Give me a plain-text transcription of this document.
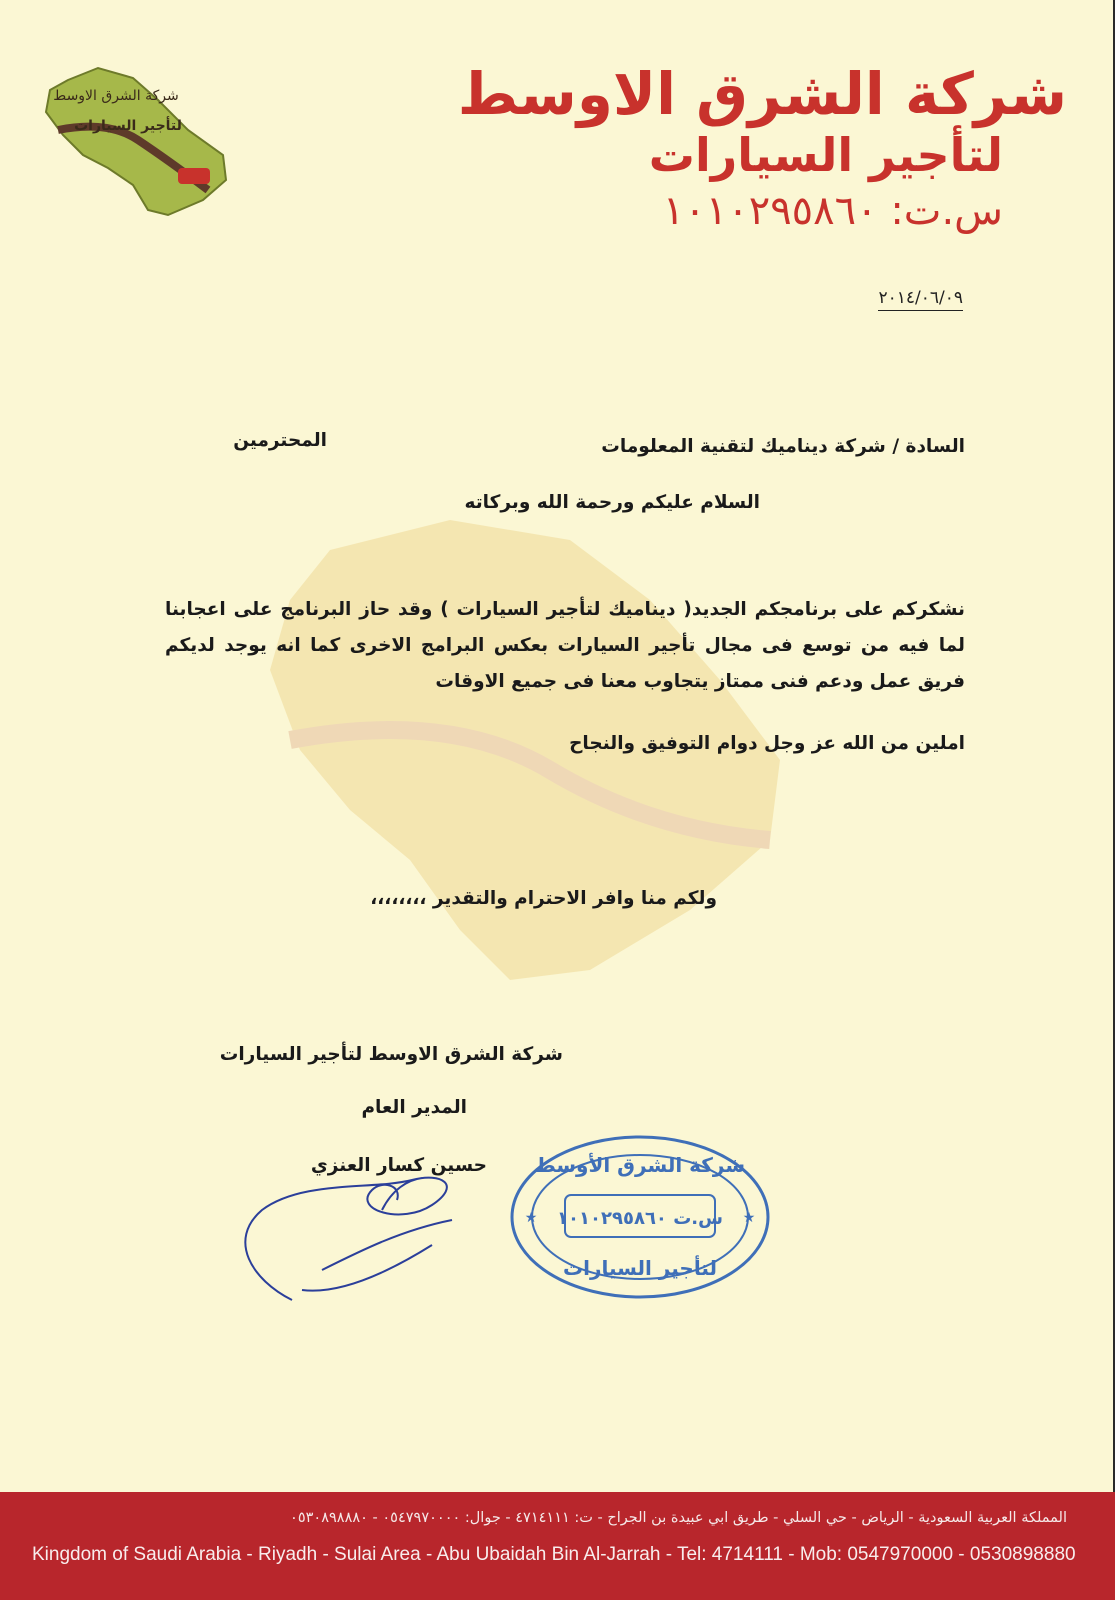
شركة الشرق الاوسط
لتأجير السيارات	شركة الشرق الاوسط
لتأجير السيارات
س.ت: ١٠١٠٢٩٥٨٦٠
٢٠١٤/٠٦/٠٩
السادة / شركة ديناميك لتقنية المعلومات
المحترمين
السلام عليكم ورحمة الله وبركاته
نشكركم على برنامجكم الجديد( ديناميك لتأجير السيارات ) وقد حاز البرنامج على اعجابنا لما فيه من توسع فى مجال تأجير السيارات بعكس البرامج الاخرى كما انه يوجد لديكم فريق عمل ودعم فنى ممتاز يتجاوب معنا فى جميع الاوقات
املين من الله عز وجل دوام التوفيق والنجاح
ولكم منا وافر الاحترام والتقدير ،،،،،،،،
شركة الشرق الاوسط لتأجير السيارات
المدير العام
حسين كسار العنزي شركة الشرق الأوسط
س.ت ١٠١٠٢٩٥٨٦٠
لتأجير السيارات
★	★
المملكة العربية السعودية - الرياض - حي السلي - طريق ابي عبيدة بن الجراح - ت: ٤٧١٤١١١ - جوال: ٠٥٤٧٩٧٠٠٠٠ - ٠٥٣٠٨٩٨٨٨٠
Kingdom of Saudi Arabia - Riyadh - Sulai Area - Abu Ubaidah Bin Al-Jarrah - Tel: 4714111 - Mob: 0547970000 - 0530898880
